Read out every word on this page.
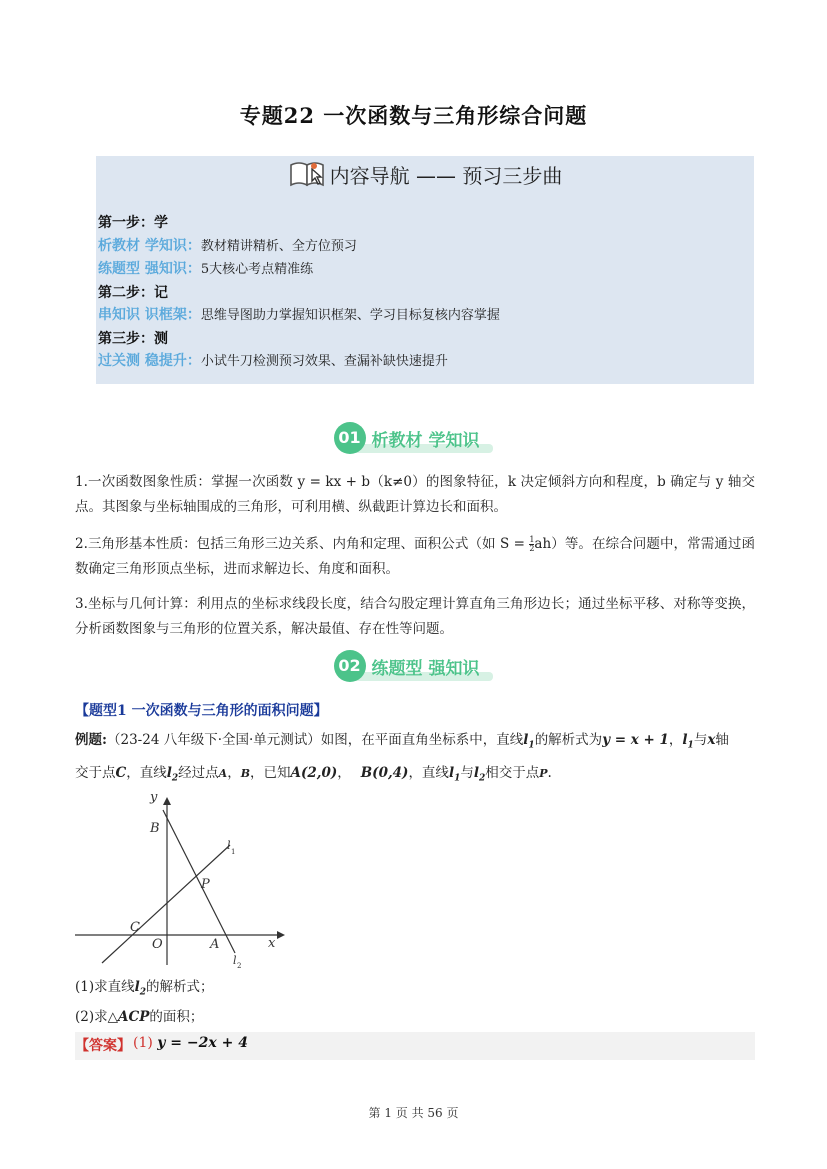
专题22 一次函数与三角形综合问题
内容导航 —— 预习三步曲
第一步：学
析教材 学知识：教材精讲精析、全方位预习
练题型 强知识：5大核心考点精准练
第二步：记
串知识 识框架：思维导图助力掌握知识框架、学习目标复核内容掌握
第三步：测
过关测 稳提升：小试牛刀检测预习效果、查漏补缺快速提升
01 析教材 学知识
1.一次函数图象性质：掌握一次函数 y = kx + b（k≠0）的图象特征，k 决定倾斜方向和程度，b 确定与 y 轴交点。其图象与坐标轴围成的三角形，可利用横、纵截距计算边长和面积。
2.三角形基本性质：包括三角形三边关系、内角和定理、面积公式（如 $S = \frac{1}{2} ah$）等。在综合问题中，常需通过函数确定三角形顶点坐标，进而求解边长、角度和面积。
3.坐标与几何计算：利用点的坐标求线段长度，结合勾股定理计算直角三角形边长；通过坐标平移、对称等变换，分析函数图象与三角形的位置关系，解决最值、存在性等问题。
02 练题型 强知识
【题型1 一次函数与三角形的面积问题】
例题:（23-24 八年级下·全国·单元测试）如图，在平面直角坐标系中，直线$l_1$的解析式为y = x + 1，$l_1$与x轴
交于点C，直线$l_2$经过点A，B，已知A(2,0)， B(0,4)，直线$l_1$与$l_2$相交于点P.
y
x
B
P
C
O	A
l 1
l 2
(1)求直线$l_2$的解析式；
(2)求△ACP的面积；
【答案】 (1) y = −2x + 4
第 1 页 共 56 页
